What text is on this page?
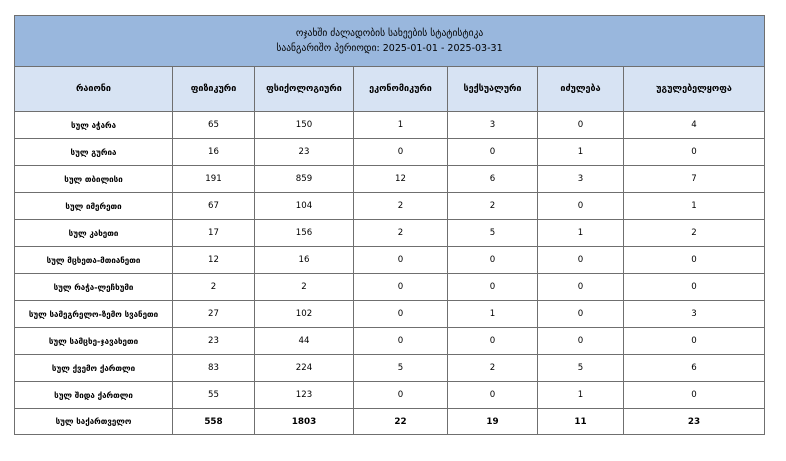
ოჯახში ძალადობის სახეების სტატისტიკა
საანგარიშო პერიოდი: 2025-01-01 - 2025-03-31						

რაიონი	ფიზიკური	ფსიქოლოგიური	ეკონომიკური	სექსუალური	იძულება	უგულებელყოფა
სულ აჭარა	65	150	1	3	0	4
სულ გურია	16	23	0	0	1	0
სულ თბილისი	191	859	12	6	3	7
სულ იმერეთი	67	104	2	2	0	1
სულ კახეთი	17	156	2	5	1	2
სულ მცხეთა-მთიანეთი	12	16	0	0	0	0
სულ რაჭა-ლეჩხუმი	2	2	0	0	0	0
სულ სამეგრელო-ზემო სვანეთი	27	102	0	1	0	3
სულ სამცხე-ჯავახეთი	23	44	0	0	0	0
სულ ქვემო ქართლი	83	224	5	2	5	6
სულ შიდა ქართლი	55	123	0	0	1	0
სულ საქართველო	558	1803	22	19	11	23
